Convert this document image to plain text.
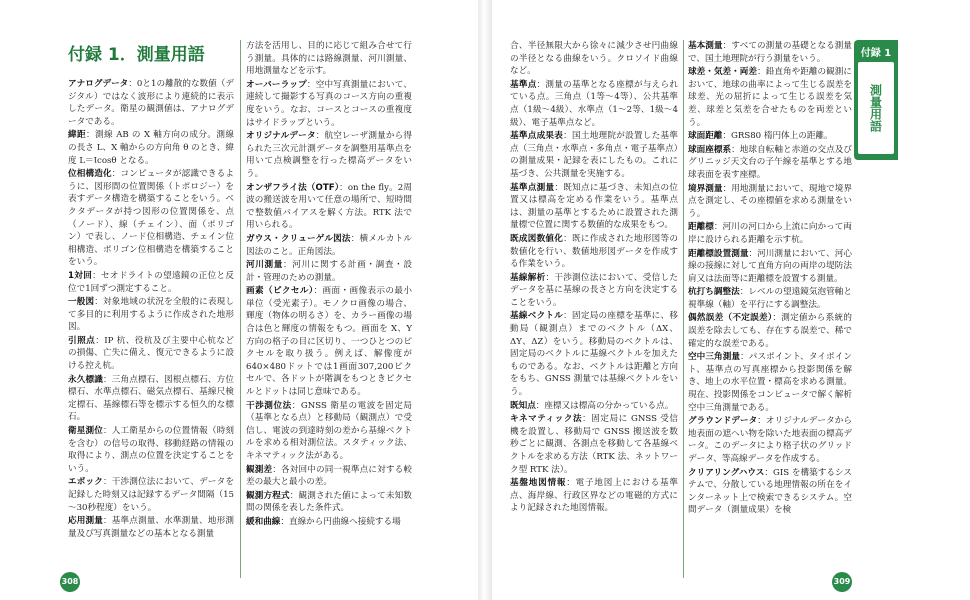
付録 1．測量用語

アナログデータ：0と1の離散的な数値（デジタル）ではなく波形により連続的に表示したデータ。衛星の観測値は、アナログデータである。

緯距：測線 AB の X 軸方向の成分。測線の長さ L、X 軸からの方向角 θ のとき、緯度 L＝Ɩcosθ となる。

位相構造化：コンピュータが認識できるように、図形間の位置関係（トポロジー）を表すデータ構造を構築することをいう。ベクタデータが持つ図形の位置関係を、点（ノード）、線（チェイン）、面（ポリゴン）で表し、ノード位相構造、チェイン位相構造、ポリゴン位相構造を構築することをいう。

1対回：セオドライトの望遠鏡の正位と反位で1回ずつ測定すること。

一般図：対象地域の状況を全般的に表現して多目的に利用するように作成された地形図。

引照点：IP 杭、役杭及び主要中心杭などの損傷、亡失に備え、復元できるように設ける控え杭。

永久標識：三角点標石、図根点標石、方位標石、水準点標石、磁気点標石、基線尺検定標石、基線標石等を標示する恒久的な標石。

衛星測位：人工衛星からの位置情報（時刻を含む）の信号の取得、移動経路の情報の取得により、測点の位置を決定することをいう。

エポック：干渉測位法において、データを記録した時刻又は記録するデータ間隔（15～30秒程度）をいう。

応用測量：基準点測量、水準測量、地形測量及び写真測量などの基本となる測量

方法を活用し、目的に応じて組み合せて行う測量。具体的には路線測量、河川測量、用地測量などを示す。

オーバーラップ：空中写真測量において、連続して撮影する写真のコース方向の重複度をいう。なお、コースとコースの重複度はサイドラップという。

オリジナルデータ：航空レーザ測量から得られた三次元計測データを調整用基準点を用いて点検調整を行った標高データをいう。

オンザフライ法（OTF）：on the fly。2周波の搬送波を用いて任意の場所で、短時間で整数値バイアスを解く方法。RTK 法で用いられる。

ガウス・クリューゲル図法：横メルカトル図法のこと。正角図法。

河川測量：河川に関する計画・調査・設計・管理のための測量。

画素（ピクセル）：画面・画像表示の最小単位（受光素子）。モノクロ画像の場合、輝度（物体の明るさ）を、カラー画像の場合は色と輝度の情報をもつ。画面を X、Y 方向の格子の目に区切り、一つひとつのピクセルを取り扱う。例えば、解像度が640×480ドットでは1画面307,200ピクセルで、各ドットが階調をもつときピクセルとドットは同じ意味である。

干渉測位法：GNSS 衛星の電波を固定局（基準となる点）と移動局（観測点）で受信し、電波の到達時刻の差から基線ベクトルを求める相対測位法。スタティック法、キネマティック法がある。

観測差：各対回中の同一視準点に対する較差の最大と最小の差。

観測方程式：観測された値によって未知数間の関係を表した条件式。

緩和曲線：直線から円曲線へ接続する場

308

合、半径無限大から徐々に減少させ円曲線の半径となる曲線をいう。クロソイド曲線など。

基準点：測量の基準となる座標が与えられている点。三角点（1等～4等）、公共基準点（1級～4級）、水準点（1～2等、1級～4級）、電子基準点など。

基準点成果表：国土地理院が設置した基準点（三角点・水準点・多角点・電子基準点）の測量成果・記録を表にしたもの。これに基づき、公共測量を実施する。

基準点測量：既知点に基づき、未知点の位置又は標高を定める作業をいう。基準点は、測量の基準とするために設置された測量標で位置に関する数値的な成果をもつ。

既成図数値化：既に作成された地形図等の数値化を行い、数値地形図データを作成する作業をいう。

基線解析：干渉測位法において、受信したデータを基に基線の長さと方向を決定することをいう。

基線ベクトル：固定局の座標を基準に、移動局（観測点）までのベクトル（ΔX、ΔY、ΔZ）をいう。移動局のベクトルは、固定局のベクトルに基線ベクトルを加えたものである。なお、ベクトルは距離と方向をもち、GNSS 測量では基線ベクトルをいう。

既知点：座標又は標高の分かっている点。

キネマティック法：固定局に GNSS 受信機を設置し、移動局で GNSS 搬送波を数秒ごとに観測、各測点を移動して各基線ベクトルを求める方法（RTK 法、ネットワーク型 RTK 法）。

基盤地図情報：電子地図上における基準点、海岸線、行政区界などの電磁的方式により記録された地図情報。

基本測量：すべての測量の基礎となる測量で、国土地理院が行う測量をいう。

球差・気差・両差：鉛直角や距離の観測において、地球の曲率によって生じる誤差を球差、光の屈折によって生じる誤差を気差、球差と気差を合せたものを両差という。

球面距離：GRS80 楕円体上の距離。

球面座標系：地球自転軸と赤道の交点及びグリニッジ天文台の子午線を基準とする地球表面を表す座標。

境界測量：用地測量において、現地で境界点を測定し、その座標値を求める測量をいう。

距離標：河川の河口から上流に向かって両岸に設けられる距離を示す杭。

距離標設置測量：河川測量において、河心線の接線に対して直角方向の両岸の堤防法肩又は法面等に距離標を設置する測量。

杭打ち調整法：レベルの望遠鏡気泡管軸と視準線（軸）を平行にする調整法。

偶然誤差（不定誤差）：測定値から系統的誤差を除去しても、存在する誤差で、稀で確定的な誤差である。

空中三角測量：パスポイント、タイポイント、基準点の写真座標から投影関係を解き、地上の水平位置・標高を求める測量。現在、投影関係をコンピュータで解く解析空中三角測量である。

グラウンドデータ：オリジナルデータから地表面の遮へい物を除いた地表面の標高データ。このデータにより格子状のグリッドデータ、等高線データを作成する。

クリアリングハウス：GIS を構築するシステムで、分散している地理情報の所在をインターネット上で検索できるシステム。空間データ（測量成果）を検

付録 1
測量用語
309
